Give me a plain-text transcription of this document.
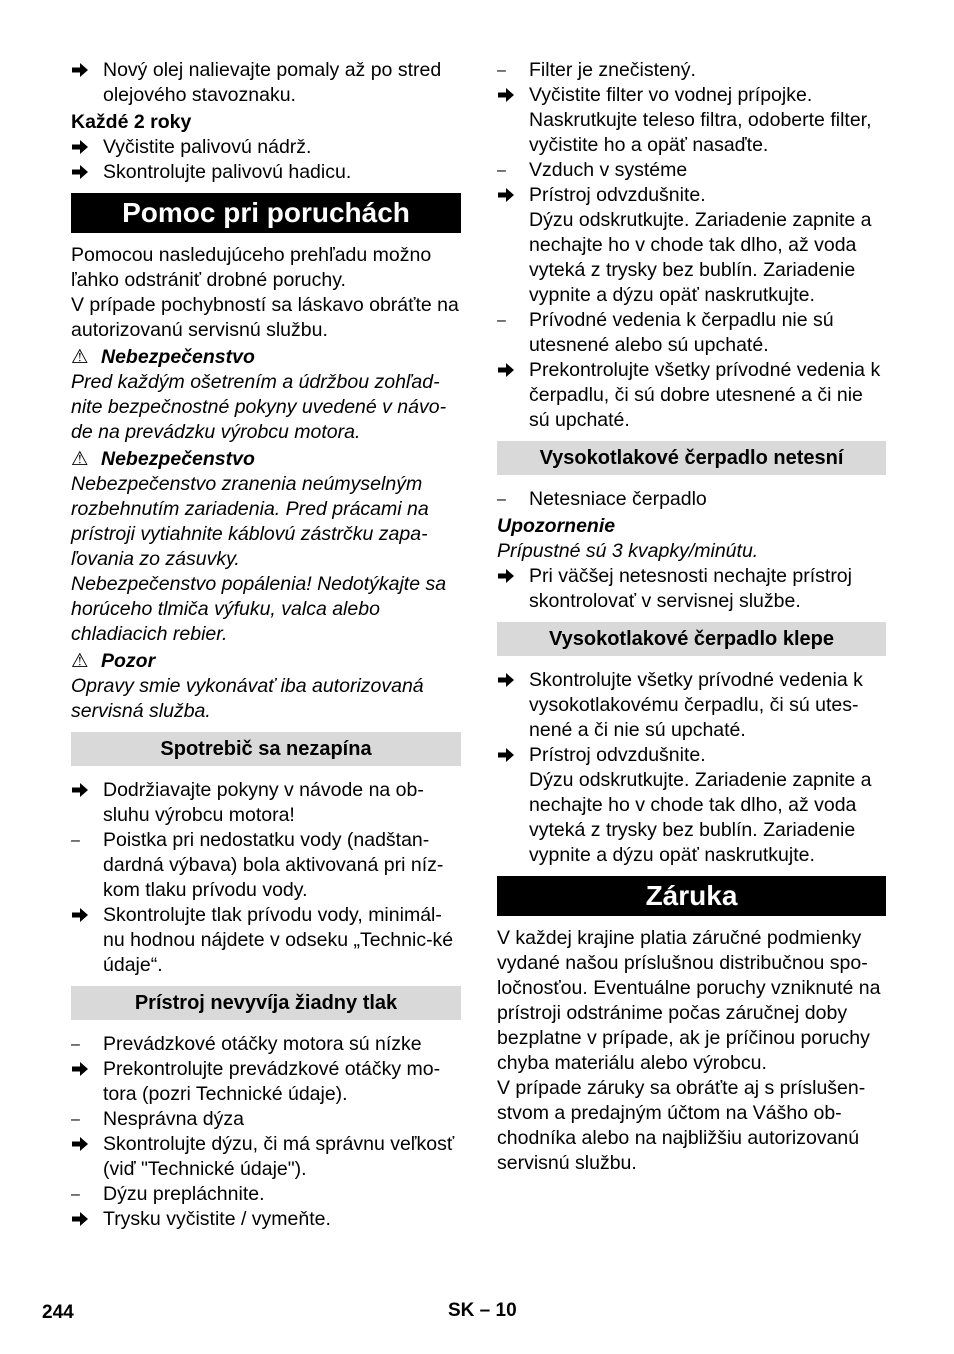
Nový olej nalievajte pomaly až po stred olejového stavoznaku.
Každé 2 roky
Vyčistite palivovú nádrž.
Skontrolujte palivovú hadicu.
Pomoc pri poruchách
Pomocou nasledujúceho prehľadu možno ľahko odstrániť drobné poruchy.
V prípade pochybností sa láskavo obráťte na autorizovanú servisnú službu.
⚠ Nebezpečenstvo
Pred každým ošetrením a údržbou zohľad-nite bezpečnostné pokyny uvedené v návo-de na prevádzku výrobcu motora.
⚠ Nebezpečenstvo
Nebezpečenstvo zranenia neúmyselným rozbehnutím zariadenia. Pred prácami na prístroji vytiahnite káblovú zástrčku zapa-ľovania zo zásuvky.
Nebezpečenstvo popálenia! Nedotýkajte sa horúceho tlmiča výfuku, valca alebo chladiacich rebier.
⚠ Pozor
Opravy smie vykonávať iba autorizovaná servisná služba.
Spotrebič sa nezapína
Dodržiavajte pokyny v návode na ob-sluhu výrobcu motora!
–	Poistka pri nedostatku vody (nadštan-dardná výbava) bola aktivovaná pri níz-kom tlaku prívodu vody.
Skontrolujte tlak prívodu vody, minimál-nu hodnou nájdete v odseku „Technic-ké údaje“.
Prístroj nevyvíja žiadny tlak
–	Prevádzkové otáčky motora sú nízke
Prekontrolujte prevádzkové otáčky mo-tora (pozri Technické údaje).
–	Nesprávna dýza
Skontrolujte dýzu, či má správnu veľkosť (viď "Technické údaje").
–	Dýzu prepláchnite.
Trysku vyčistite / vymeňte.
–	Filter je znečistený.
Vyčistite filter vo vodnej prípojke.
Naskrutkujte teleso filtra, odoberte filter, vyčistite ho a opäť nasaďte.
–	Vzduch v systéme
Prístroj odvzdušnite.
Dýzu odskrutkujte. Zariadenie zapnite a nechajte ho v chode tak dlho, až voda vyteká z trysky bez bublín. Zariadenie vypnite a dýzu opäť naskrutkujte.
–	Prívodné vedenia k čerpadlu nie sú utesnené alebo sú upchaté.
Prekontrolujte všetky prívodné vedenia k čerpadlu, či sú dobre utesnené a či nie sú upchaté.
Vysokotlakové čerpadlo netesní
–	Netesniace čerpadlo
Upozornenie
Prípustné sú 3 kvapky/minútu.
Pri väčšej netesnosti nechajte prístroj skontrolovať v servisnej službe.
Vysokotlakové čerpadlo klepe
Skontrolujte všetky prívodné vedenia k vysokotlakovému čerpadlu, či sú utes-nené a či nie sú upchaté.
Prístroj odvzdušnite.
Dýzu odskrutkujte. Zariadenie zapnite a nechajte ho v chode tak dlho, až voda vyteká z trysky bez bublín. Zariadenie vypnite a dýzu opäť naskrutkujte.
Záruka
V každej krajine platia záručné podmienky vydané našou príslušnou distribučnou spo-ločnosťou. Eventuálne poruchy vzniknuté na prístroji odstránime počas záručnej doby bezplatne v prípade, ak je príčinou poruchy chyba materiálu alebo výrobcu.
V prípade záruky sa obráťte aj s príslušen-stvom a predajným účtom na Vášho ob-chodníka alebo na najbližšiu autorizovanú servisnú službu.
244	SK – 10
